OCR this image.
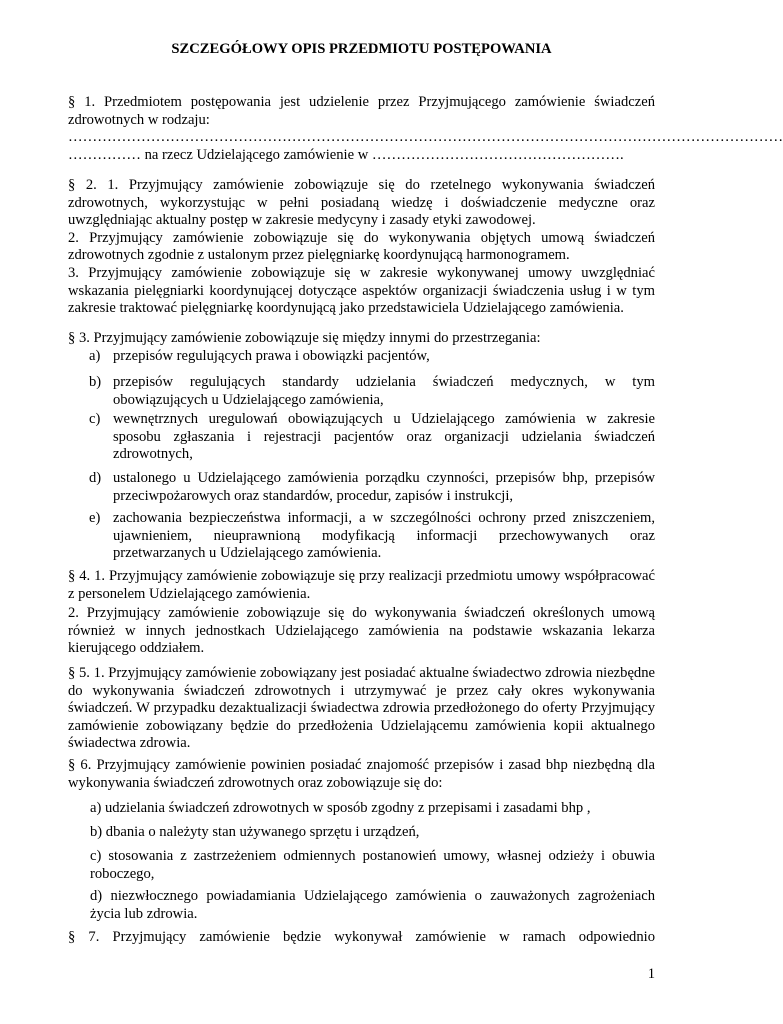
SZCZEGÓŁOWY OPIS PRZEDMIOTU POSTĘPOWANIA

§ 1. Przedmiotem postępowania jest udzielenie przez Przyjmującego zamówienie świadczeń zdrowotnych w rodzaju:

…………………………………………………………………………………………………………………………………

…………… na rzecz Udzielającego zamówienie w …………………………………………….

§ 2. 1. Przyjmujący zamówienie zobowiązuje się do rzetelnego wykonywania świadczeń zdrowotnych, wykorzystując w pełni posiadaną wiedzę i doświadczenie medyczne oraz uwzględniając aktualny postęp w zakresie medycyny i zasady etyki zawodowej.

2. Przyjmujący zamówienie zobowiązuje się do wykonywania objętych umową świadczeń zdrowotnych zgodnie z ustalonym przez pielęgniarkę koordynującą harmonogramem.

3. Przyjmujący zamówienie zobowiązuje się w zakresie wykonywanej umowy uwzględniać wskazania pielęgniarki koordynującej dotyczące aspektów organizacji świadczenia usług i w tym zakresie traktować pielęgniarkę koordynującą jako przedstawiciela Udzielającego zamówienia.

§ 3. Przyjmujący zamówienie zobowiązuje się między innymi do przestrzegania:

a) przepisów regulujących prawa i obowiązki pacjentów,
b) przepisów regulujących standardy udzielania świadczeń medycznych, w tym obowiązujących u Udzielającego zamówienia,
c) wewnętrznych uregulowań obowiązujących u Udzielającego zamówienia w zakresie sposobu zgłaszania i rejestracji pacjentów oraz organizacji udzielania świadczeń zdrowotnych,
d) ustalonego u Udzielającego zamówienia porządku czynności, przepisów bhp, przepisów przeciwpożarowych oraz standardów, procedur, zapisów i instrukcji,
e) zachowania bezpieczeństwa informacji, a w szczególności ochrony przed zniszczeniem, ujawnieniem, nieuprawnioną modyfikacją informacji przechowywanych oraz przetwarzanych u Udzielającego zamówienia.

§ 4. 1. Przyjmujący zamówienie zobowiązuje się przy realizacji przedmiotu umowy współpracować z personelem Udzielającego zamówienia.

2. Przyjmujący zamówienie zobowiązuje się do wykonywania świadczeń określonych umową również w innych jednostkach Udzielającego zamówienia na podstawie wskazania lekarza kierującego oddziałem.

§ 5. 1. Przyjmujący zamówienie zobowiązany jest posiadać aktualne świadectwo zdrowia niezbędne do wykonywania świadczeń zdrowotnych i utrzymywać je przez cały okres wykonywania świadczeń. W przypadku dezaktualizacji świadectwa zdrowia przedłożonego do oferty Przyjmujący zamówienie zobowiązany będzie do przedłożenia Udzielającemu zamówienia kopii aktualnego świadectwa zdrowia.

§ 6. Przyjmujący zamówienie powinien posiadać znajomość przepisów i zasad bhp niezbędną dla wykonywania świadczeń zdrowotnych oraz zobowiązuje się do:

a) udzielania świadczeń zdrowotnych w sposób zgodny z przepisami i zasadami bhp ,

b) dbania o należyty stan używanego sprzętu i urządzeń,

c) stosowania z zastrzeżeniem odmiennych postanowień umowy, własnej odzieży i obuwia roboczego,

d) niezwłocznego powiadamiania Udzielającego zamówienia o zauważonych zagrożeniach życia lub zdrowia.

§ 7. Przyjmujący zamówienie będzie wykonywał zamówienie w ramach odpowiednio

1
